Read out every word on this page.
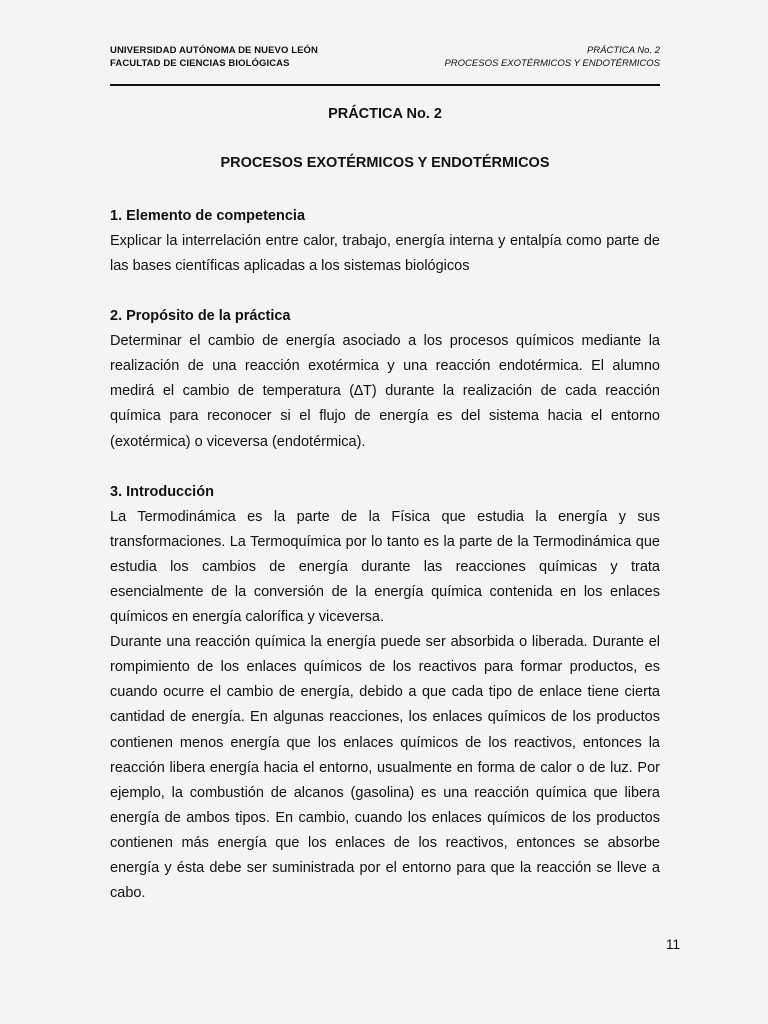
UNIVERSIDAD AUTÓNOMA DE NUEVO LEÓN	PRÁCTICA No. 2
FACULTAD DE CIENCIAS BIOLÓGICAS	PROCESOS EXOTÉRMICOS Y ENDOTÉRMICOS
PRÁCTICA No. 2
PROCESOS EXOTÉRMICOS Y ENDOTÉRMICOS
1. Elemento de competencia

Explicar la interrelación entre calor, trabajo, energía interna y entalpía como parte de las bases científicas aplicadas a los sistemas biológicos

2. Propósito de la práctica

Determinar el cambio de energía asociado a los procesos químicos mediante la realización de una reacción exotérmica y una reacción endotérmica. El alumno medirá el cambio de temperatura (∆T) durante la realización de cada reacción química para reconocer si el flujo de energía es del sistema hacia el entorno (exotérmica) o viceversa (endotérmica).

3. Introducción

La Termodinámica es la parte de la Física que estudia la energía y sus transformaciones. La Termoquímica por lo tanto es la parte de la Termodinámica que estudia los cambios de energía durante las reacciones químicas y trata esencialmente de la conversión de la energía química contenida en los enlaces químicos en energía calorífica y viceversa.

Durante una reacción química la energía puede ser absorbida o liberada. Durante el rompimiento de los enlaces químicos de los reactivos para formar productos, es cuando ocurre el cambio de energía, debido a que cada tipo de enlace tiene cierta cantidad de energía. En algunas reacciones, los enlaces químicos de los productos contienen menos energía que los enlaces químicos de los reactivos, entonces la reacción libera energía hacia el entorno, usualmente en forma de calor o de luz. Por ejemplo, la combustión de alcanos (gasolina) es una reacción química que libera energía de ambos tipos. En cambio, cuando los enlaces químicos de los productos contienen más energía que los enlaces de los reactivos, entonces se absorbe energía y ésta debe ser suministrada por el entorno para que la reacción se lleve a cabo.

11
